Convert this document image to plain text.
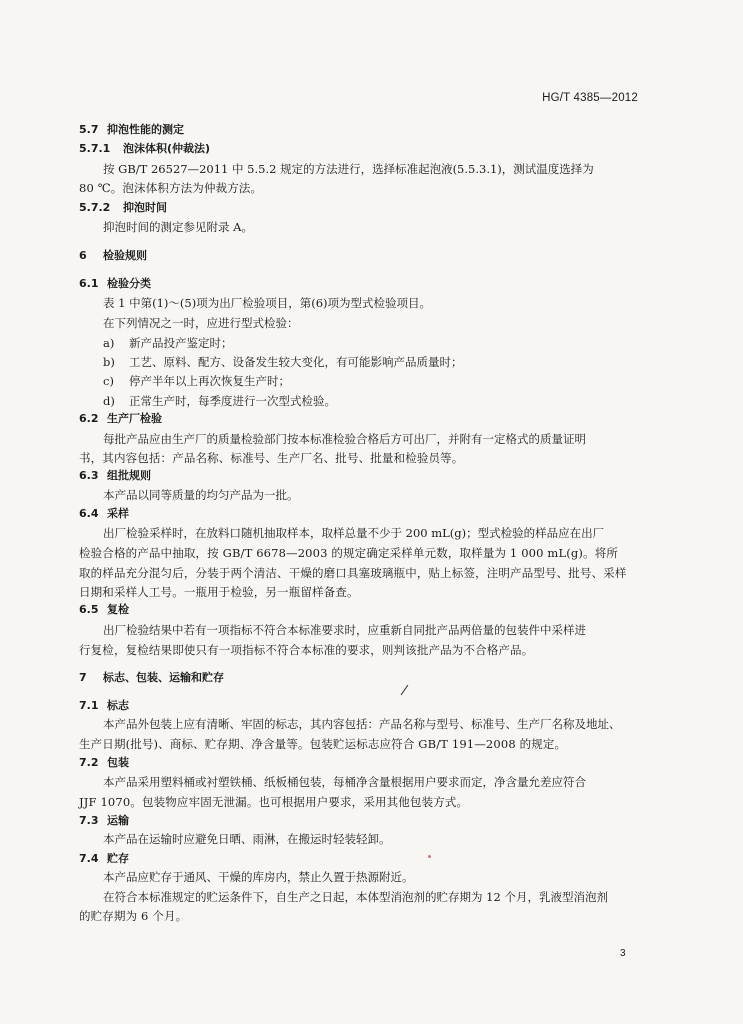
HG/T 4385—2012
5.7 抑泡性能的测定
5.7.1 泡沫体积(仲裁法)
按 GB/T 26527—2011 中 5.5.2 规定的方法进行，选择标准起泡液(5.5.3.1)，测试温度选择为
80 ℃。泡沫体积方法为仲裁方法。
5.7.2 抑泡时间
抑泡时间的测定参见附录 A。
6 检验规则
6.1 检验分类
表 1 中第(1)～(5)项为出厂检验项目，第(6)项为型式检验项目。
在下列情况之一时，应进行型式检验：
a) 新产品投产鉴定时；
b) 工艺、原料、配方、设备发生较大变化，有可能影响产品质量时；
c) 停产半年以上再次恢复生产时；
d) 正常生产时，每季度进行一次型式检验。
6.2 生产厂检验
每批产品应由生产厂的质量检验部门按本标准检验合格后方可出厂，并附有一定格式的质量证明
书，其内容包括：产品名称、标准号、生产厂名、批号、批量和检验员等。
6.3 组批规则
本产品以同等质量的均匀产品为一批。
6.4 采样
出厂检验采样时，在放料口随机抽取样本，取样总量不少于 200 mL(g)；型式检验的样品应在出厂
检验合格的产品中抽取，按 GB/T 6678—2003 的规定确定采样单元数，取样量为 1 000 mL(g)。将所
取的样品充分混匀后，分装于两个清洁、干燥的磨口具塞玻璃瓶中，贴上标签，注明产品型号、批号、采样
日期和采样人工号。一瓶用于检验，另一瓶留样备查。
6.5 复检
出厂检验结果中若有一项指标不符合本标准要求时，应重新自同批产品两倍量的包装件中采样进
行复检，复检结果即使只有一项指标不符合本标准的要求，则判该批产品为不合格产品。
7 标志、包装、运输和贮存
7.1 标志
本产品外包装上应有清晰、牢固的标志，其内容包括：产品名称与型号、标准号、生产厂名称及地址、
生产日期(批号)、商标、贮存期、净含量等。包装贮运标志应符合 GB/T 191—2008 的规定。
7.2 包装
本产品采用塑料桶或衬塑铁桶、纸板桶包装，每桶净含量根据用户要求而定，净含量允差应符合
JJF 1070。包装物应牢固无泄漏。也可根据用户要求，采用其他包装方式。
7.3 运输
本产品在运输时应避免日晒、雨淋，在搬运时轻装轻卸。
7.4 贮存
本产品应贮存于通风、干燥的库房内，禁止久置于热源附近。
在符合本标准规定的贮运条件下，自生产之日起，本体型消泡剂的贮存期为 12 个月，乳液型消泡剂
的贮存期为 6 个月。
3
